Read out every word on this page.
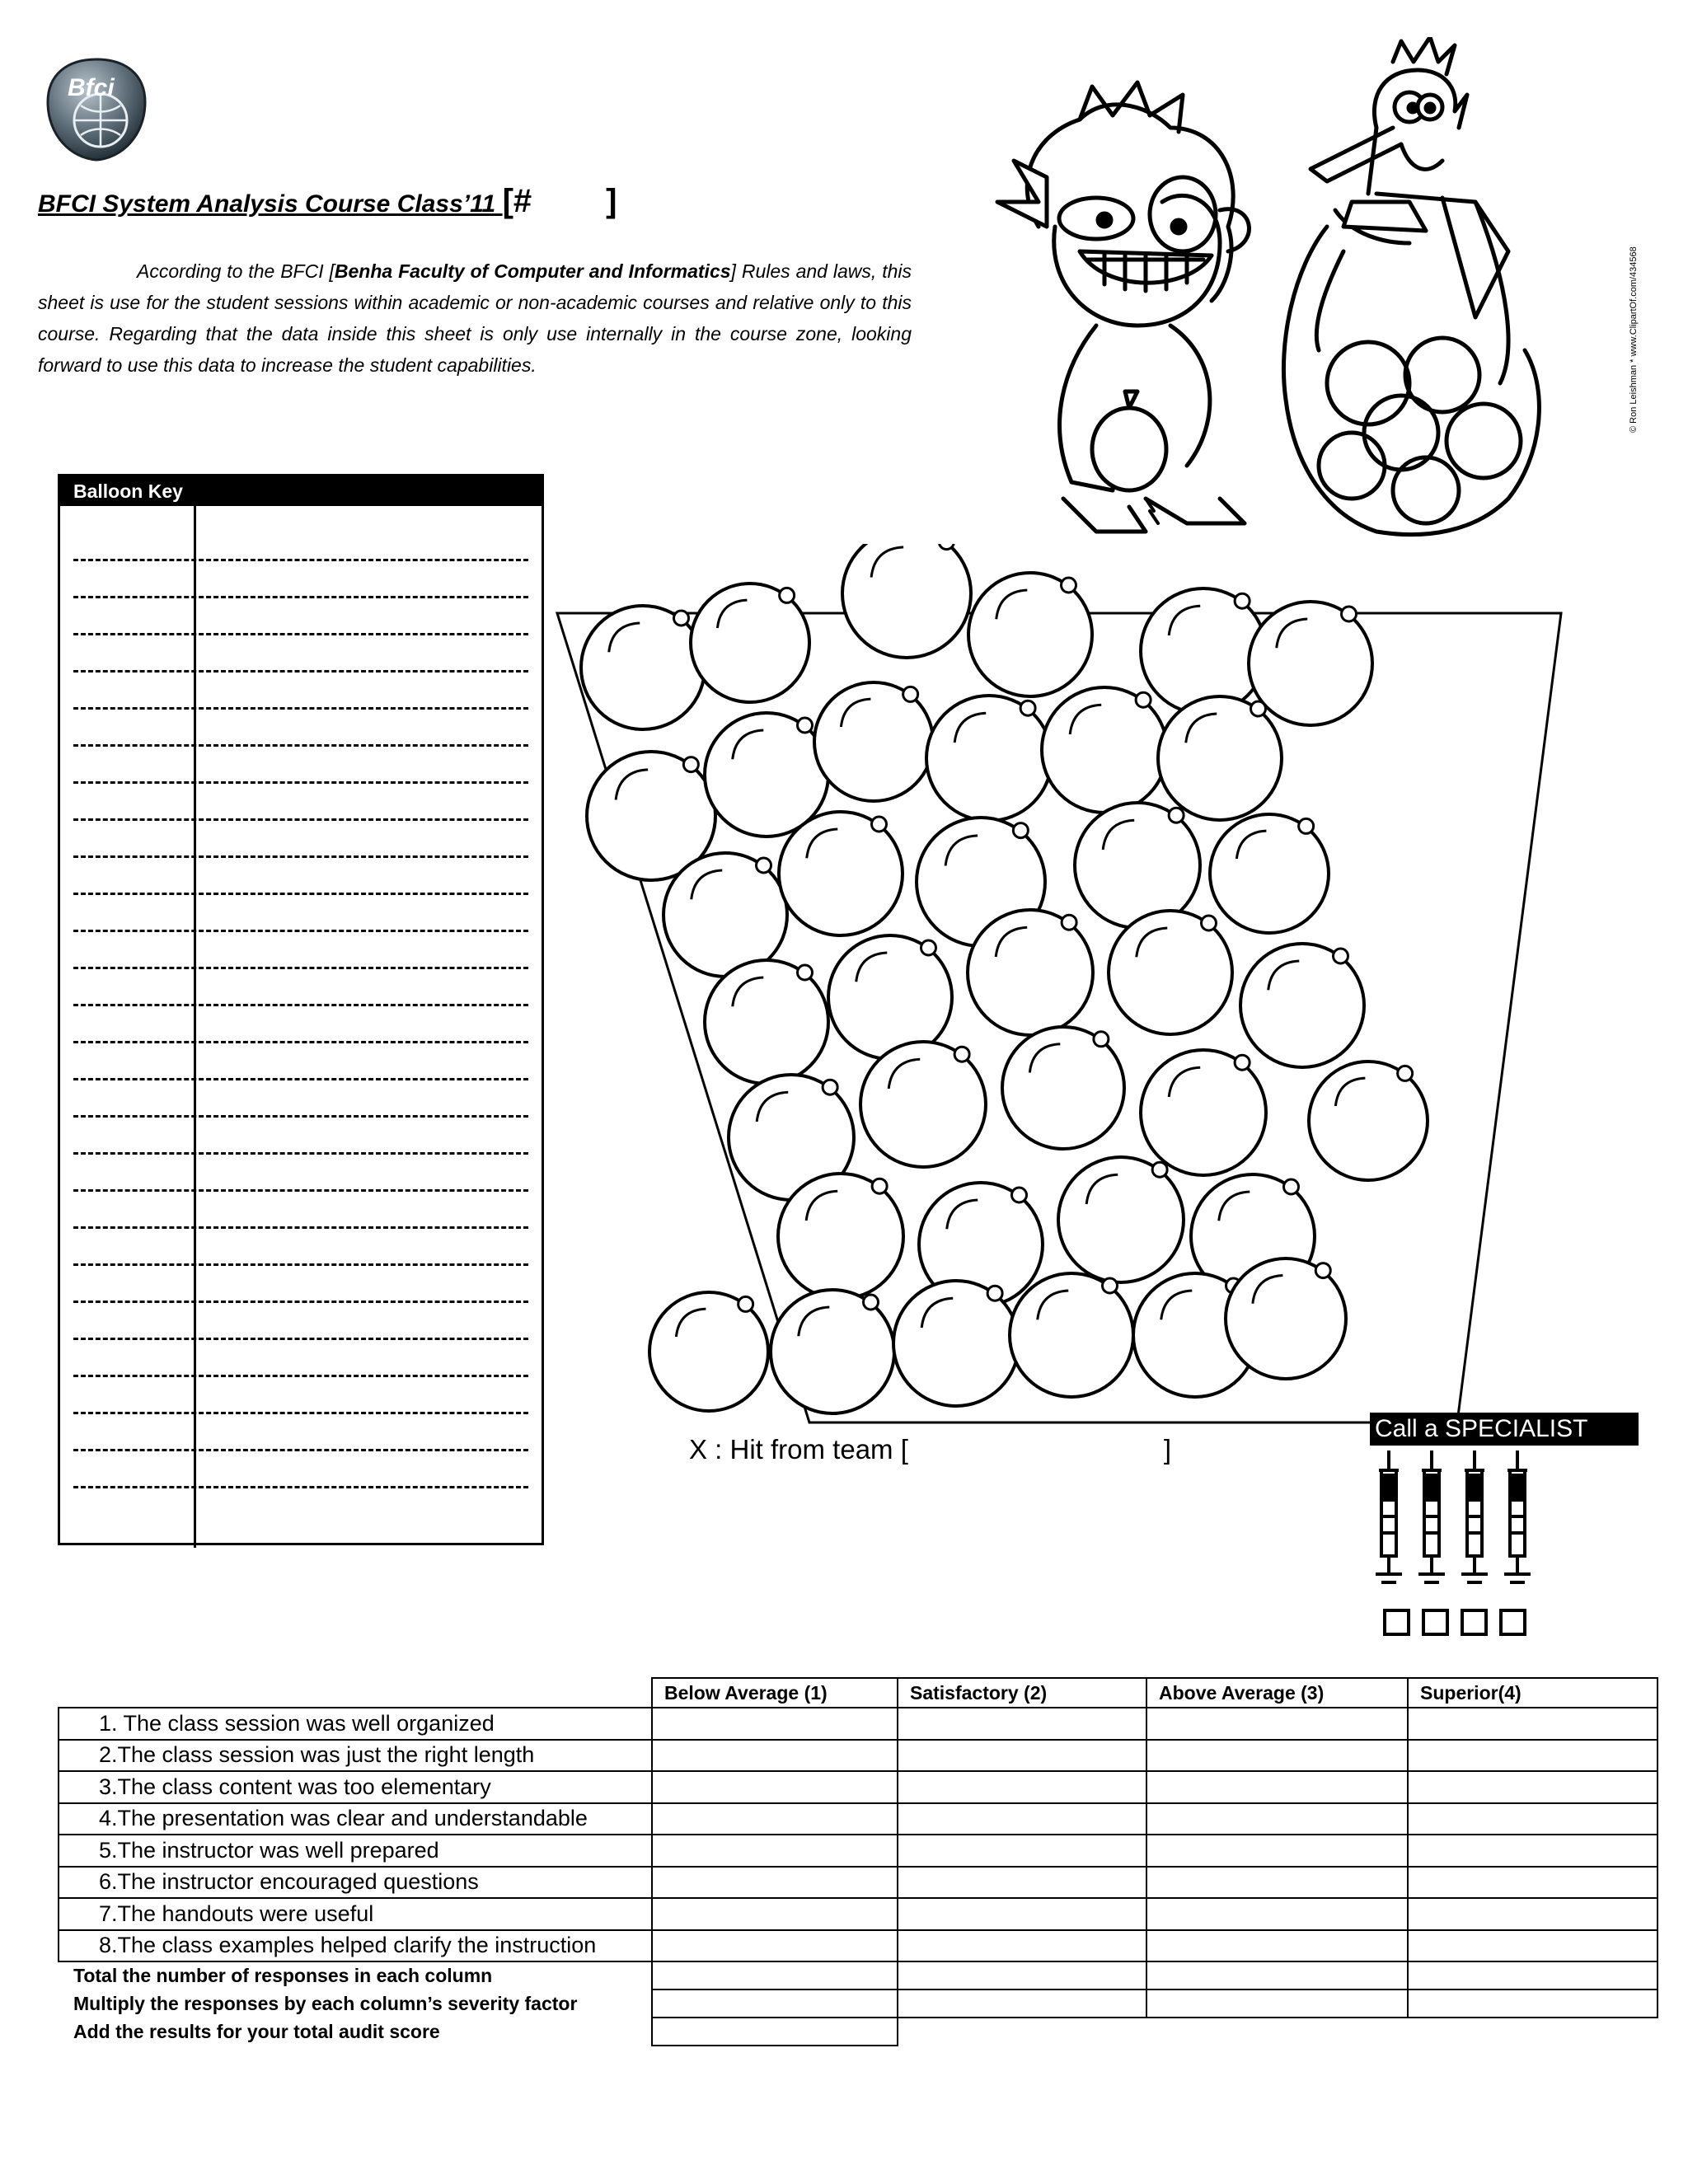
Bfci
BFCI System Analysis Course Class’11 [# ]
According to the BFCI [Benha Faculty of Computer and Informatics] Rules and laws, this sheet is use for the student sessions within academic or non-academic courses and relative only to this course. Regarding that the data inside this sheet is only use internally in the course zone, looking forward to use this data to increase the student capabilities.	© Ron Leishman * www.ClipartOf.com/434568
Balloon Key
X : Hit from team [	]
Call a SPECIALIST
	Below Average (1)	Satisfactory (2)	Above Average (3)	Superior(4)
1. The class session was well organized				
2.The class session was just the right length				
3.The class content was too elementary				
4.The presentation was clear and understandable				
5.The instructor was well prepared				
6.The instructor encouraged questions				
7.The handouts were useful				
8.The class examples helped clarify the instruction				
Total the number of responses in each column				
Multiply the responses by each column’s severity factor				
Add the results for your total audit score				
